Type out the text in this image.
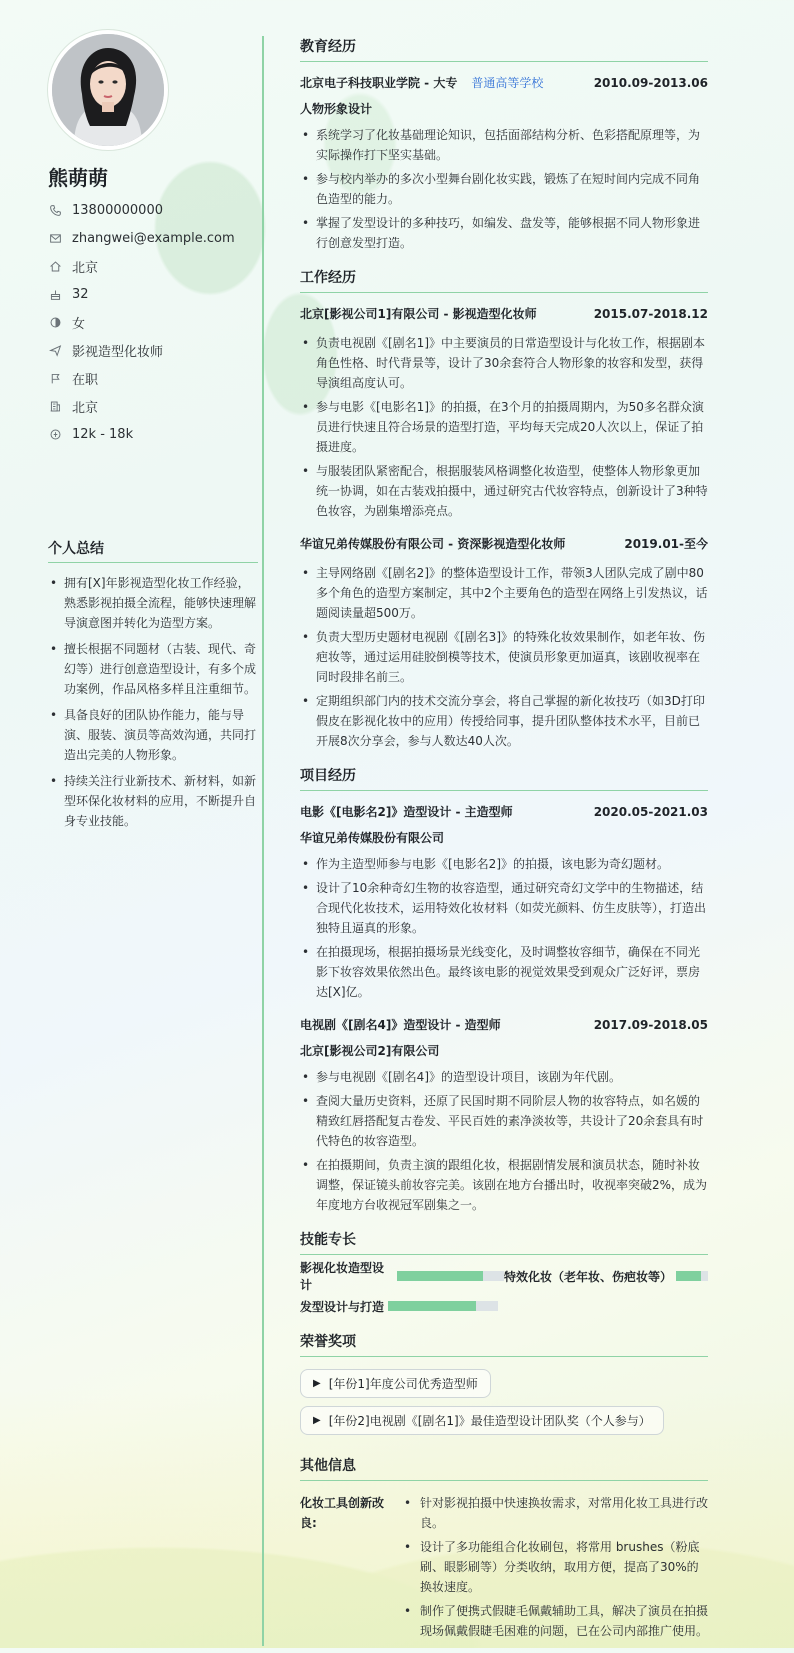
熊萌萌
13800000000
zhangwei@example.com
北京
32
女
影视造型化妆师
在职
北京
12k - 18k
个人总结
• 拥有[X]年影视造型化妆工作经验，熟悉影视拍摄全流程，能够快速理解导演意图并转化为造型方案。
• 擅长根据不同题材（古装、现代、奇幻等）进行创意造型设计，有多个成功案例，作品风格多样且注重细节。
• 具备良好的团队协作能力，能与导演、服装、演员等高效沟通，共同打造出完美的人物形象。
• 持续关注行业新技术、新材料，如新型环保化妆材料的应用，不断提升自身专业技能。
教育经历
北京电子科技职业学院 - 大专 普通高等学校	2010.09-2013.06
人物形象设计
• 系统学习了化妆基础理论知识，包括面部结构分析、色彩搭配原理等，为实际操作打下坚实基础。
• 参与校内举办的多次小型舞台剧化妆实践，锻炼了在短时间内完成不同角色造型的能力。
• 掌握了发型设计的多种技巧，如编发、盘发等，能够根据不同人物形象进行创意发型打造。
工作经历
北京[影视公司1]有限公司 - 影视造型化妆师	2015.07-2018.12
• 负责电视剧《[剧名1]》中主要演员的日常造型设计与化妆工作，根据剧本角色性格、时代背景等，设计了30余套符合人物形象的妆容和发型，获得导演组高度认可。
• 参与电影《[电影名1]》的拍摄，在3个月的拍摄周期内，为50多名群众演员进行快速且符合场景的造型打造，平均每天完成20人次以上，保证了拍摄进度。
• 与服装团队紧密配合，根据服装风格调整化妆造型，使整体人物形象更加统一协调，如在古装戏拍摄中，通过研究古代妆容特点，创新设计了3种特色妆容，为剧集增添亮点。
华谊兄弟传媒股份有限公司 - 资深影视造型化妆师	2019.01-至今
• 主导网络剧《[剧名2]》的整体造型设计工作，带领3人团队完成了剧中80多个角色的造型方案制定，其中2个主要角色的造型在网络上引发热议，话题阅读量超500万。
• 负责大型历史题材电视剧《[剧名3]》的特殊化妆效果制作，如老年妆、伤疤妆等，通过运用硅胶倒模等技术，使演员形象更加逼真，该剧收视率在同时段排名前三。
• 定期组织部门内的技术交流分享会，将自己掌握的新化妆技巧（如3D打印假皮在影视化妆中的应用）传授给同事，提升团队整体技术水平，目前已开展8次分享会，参与人数达40人次。
项目经历
电影《[电影名2]》造型设计 - 主造型师	2020.05-2021.03
华谊兄弟传媒股份有限公司
• 作为主造型师参与电影《[电影名2]》的拍摄，该电影为奇幻题材。
• 设计了10余种奇幻生物的妆容造型，通过研究奇幻文学中的生物描述，结合现代化妆技术，运用特效化妆材料（如荧光颜料、仿生皮肤等），打造出独特且逼真的形象。
• 在拍摄现场，根据拍摄场景光线变化，及时调整妆容细节，确保在不同光影下妆容效果依然出色。最终该电影的视觉效果受到观众广泛好评，票房达[X]亿。
电视剧《[剧名4]》造型设计 - 造型师	2017.09-2018.05
北京[影视公司2]有限公司
• 参与电视剧《[剧名4]》的造型设计项目，该剧为年代剧。
• 查阅大量历史资料，还原了民国时期不同阶层人物的妆容特点，如名媛的精致红唇搭配复古卷发、平民百姓的素净淡妆等，共设计了20余套具有时代特色的妆容造型。
• 在拍摄期间，负责主演的跟组化妆，根据剧情发展和演员状态，随时补妆调整，保证镜头前妆容完美。该剧在地方台播出时，收视率突破2%，成为年度地方台收视冠军剧集之一。
技能专长
影视化妆造型设计
特效化妆（老年妆、伤疤妆等）
发型设计与打造
荣誉奖项
▶ [年份1]年度公司优秀造型师
▶ [年份2]电视剧《[剧名1]》最佳造型设计团队奖（个人参与）
其他信息
化妆工具创新改良:
• 针对影视拍摄中快速换妆需求，对常用化妆工具进行改良。
• 设计了多功能组合化妆刷包，将常用 brushes（粉底刷、眼影刷等）分类收纳，取用方便，提高了30%的换妆速度。
• 制作了便携式假睫毛佩戴辅助工具，解决了演员在拍摄现场佩戴假睫毛困难的问题，已在公司内部推广使用。
